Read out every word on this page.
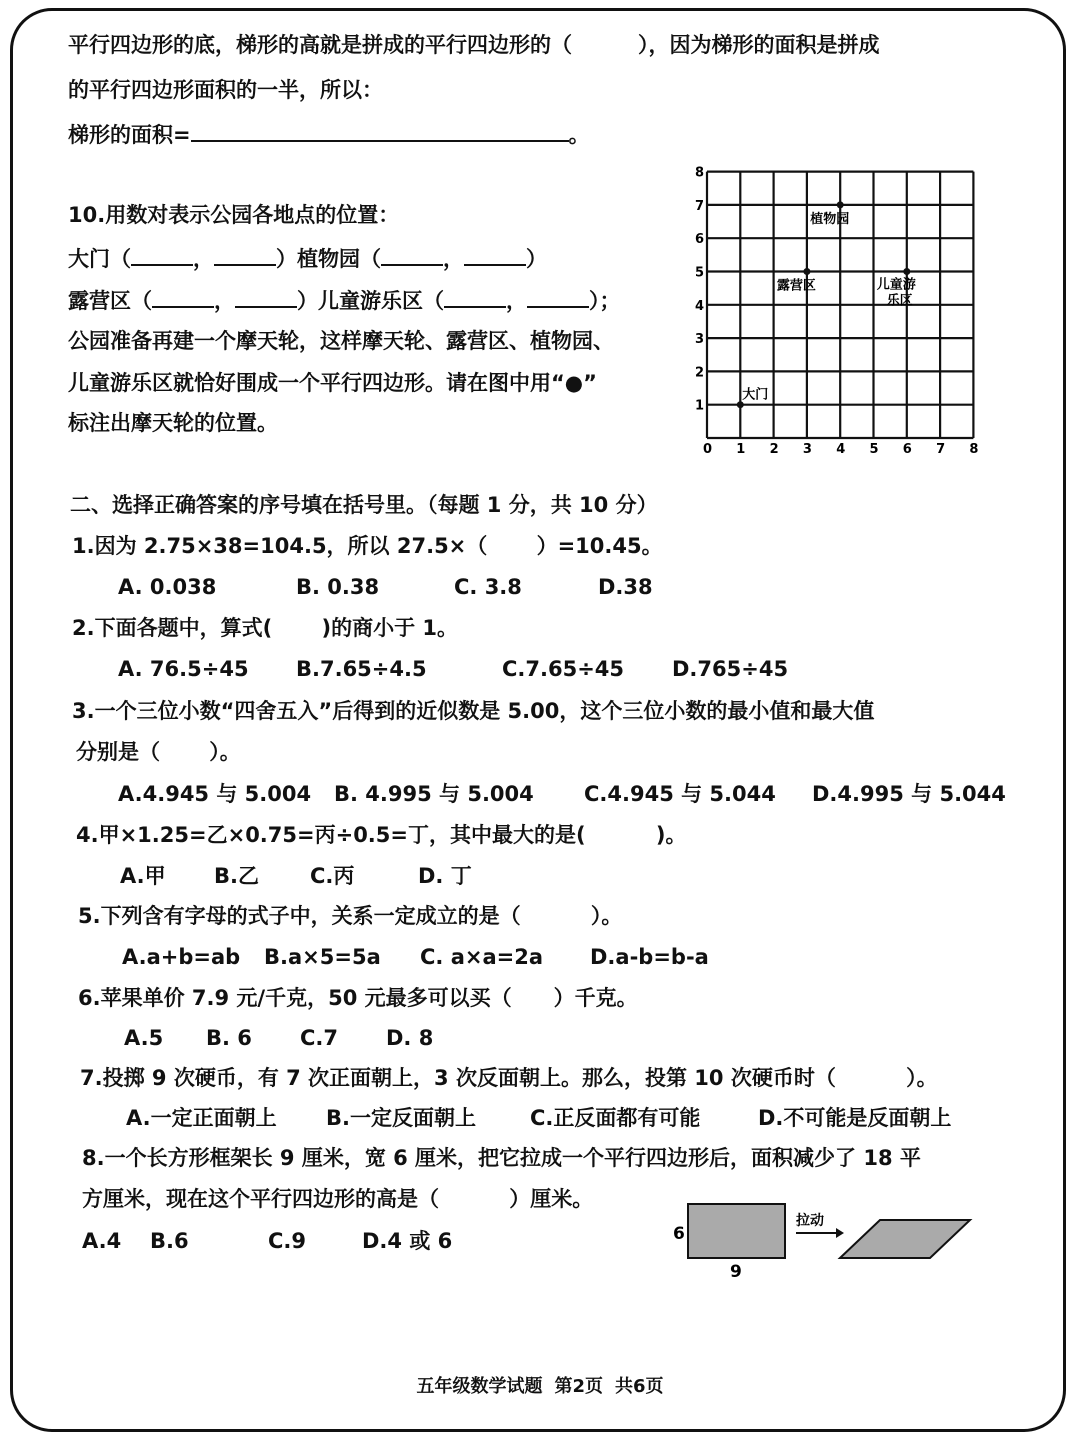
平行四边形的底，梯形的高就是拼成的平行四边形的（	），因为梯形的面积是拼成
的平行四边形面积的一半，所以：
梯形的面积=	。
10.用数对表示公园各地点的位置：
大门（	，	）植物园（	，	）
露营区（	，	）儿童游乐区（	，	）；
公园准备再建一个摩天轮，这样摩天轮、露营区、植物园、
儿童游乐区就恰好围成一个平行四边形。请在图中用“●”
标注出摩天轮的位置。
0 1 2 3 4 5 6 7 8
1
2
3
4
5
6
7
8
大门
植物园
露营区	儿童游
乐区
二、选择正确答案的序号填在括号里。（每题 1 分，共 10 分）
1.因为 2.75×38=104.5，所以 27.5×（　　 ）=10.45。
A. 0.038	B. 0.38	C. 3.8	D.38
2.下面各题中，算式(　　 )的商小于 1。
A. 76.5÷45 B.7.65÷4.5	C.7.65÷45 D.765÷45
3.一个三位小数“四舍五入”后得到的近似数是 5.00，这个三位小数的最小值和最大值
分别是（　　 ）。
A.4.945 与 5.004 B. 4.995 与 5.004 C.4.945 与 5.044 D.4.995 与 5.044
4.甲×1.25=乙×0.75=丙÷0.5=丁，其中最大的是(　　　 )。
A.甲 B.乙 C.丙	D. 丁
5.下列含有字母的式子中，关系一定成立的是（　　　 ）。
A.a+b=ab B.a×5=5a C. a×a=2a D.a-b=b-a
6.苹果单价 7.9 元/千克，50 元最多可以买（　　）千克。
A.5 B. 6 C.7 D. 8
7.投掷 9 次硬币，有 7 次正面朝上，3 次反面朝上。那么，投第 10 次硬币时（　　　 ）。
A.一定正面朝上 B.一定反面朝上	C.正反面都有可能	D.不可能是反面朝上
8.一个长方形框架长 9 厘米，宽 6 厘米，把它拉成一个平行四边形后，面积减少了 18 平
方厘米，现在这个平行四边形的高是（　　　 ）厘米。
A.4 B.6	C.9	D.4 或 6	6
9
拉动
五年级数学试题 第2页 共6页
